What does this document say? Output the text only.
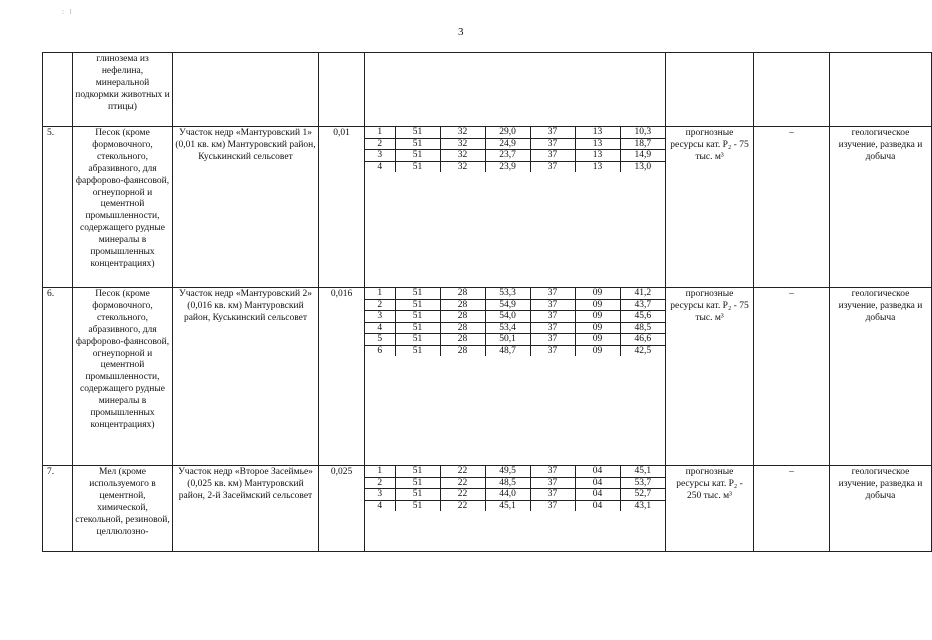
: ⁞
3
	глинозема из нефелина, минеральной подкормки животных и птицы)						
5.	Песок (кроме формовочного, стекольного, абразивного, для фарфорово-фаянсовой, огнеупорной и цементной промышленности, содержащего рудные минералы в промышленных концентрациях)	Участок недр «Мантуровский 1» (0,01 кв. км) Мантуровский район, Куськинский сельсовет	0,01		1	51	32	29,0	37	13	10,3
2	51	32	24,9	37	13	18,7
3	51	32	23,7	37	13	14,9
4	51	32	23,9	37	13	13,0
	прогнозные ресурсы кат. P₂ - 75 тыс. м³	–	геологическое изучение, разведка и добыча
6.	Песок (кроме формовочного, стекольного, абразивного, для фарфорово-фаянсовой, огнеупорной и цементной промышленности, содержащего рудные минералы в промышленных концентрациях)	Участок недр «Мантуровский 2» (0,016 кв. км) Мантуровский район, Куськинский сельсовет	0,016		1	51	28	53,3	37	09	41,2
2	51	28	54,9	37	09	43,7
3	51	28	54,0	37	09	45,6
4	51	28	53,4	37	09	48,5
5	51	28	50,1	37	09	46,6
6	51	28	48,7	37	09	42,5
	прогнозные ресурсы кат. P₂ - 75 тыс. м³	–	геологическое изучение, разведка и добыча
7.	Мел (кроме используемого в цементной, химической, стекольной, резиновой, целлюлозно-	Участок недр «Второе Засеймье» (0,025 кв. км) Мантуровский район, 2-й Засеймский сельсовет	0,025		1	51	22	49,5	37	04	45,1
2	51	22	48,5	37	04	53,7
3	51	22	44,0	37	04	52,7
4	51	22	45,1	37	04	43,1
	прогнозные ресурсы кат. P₂ - 250 тыс. м³	–	геологическое изучение, разведка и добыча
